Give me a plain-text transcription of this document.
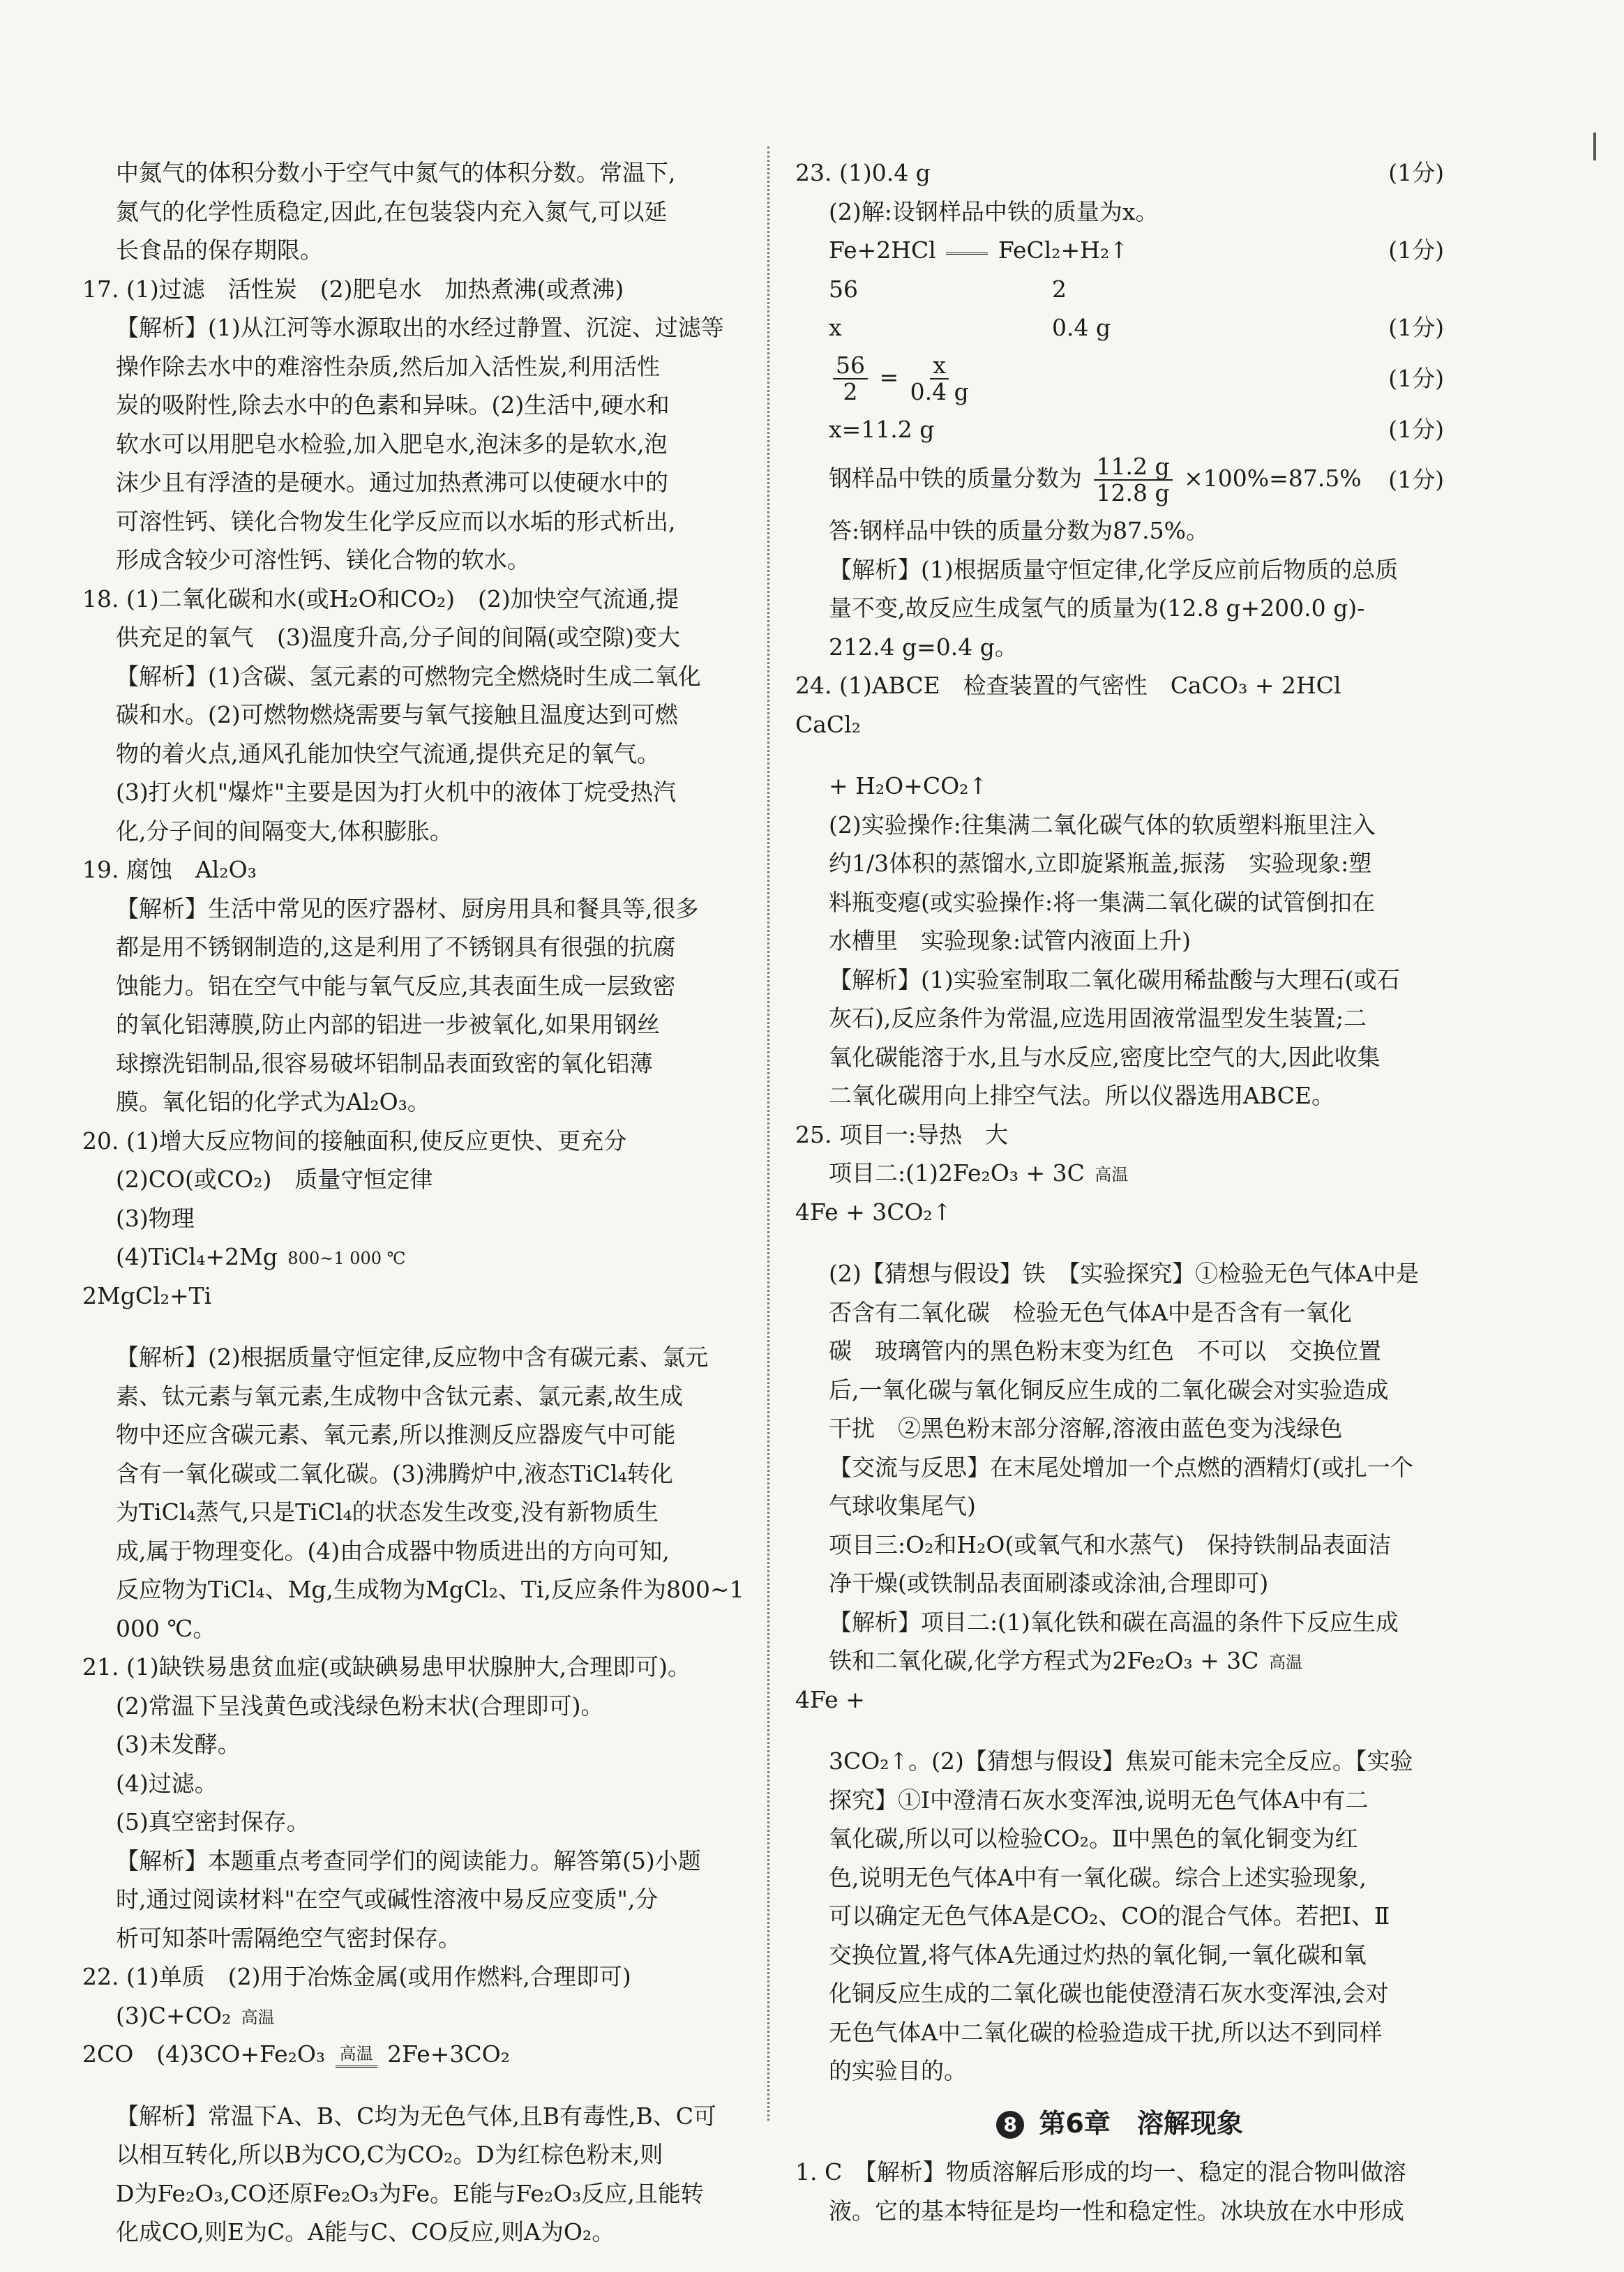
中氮气的体积分数小于空气中氮气的体积分数。常温下,

氮气的化学性质稳定,因此,在包装袋内充入氮气,可以延

长食品的保存期限。

17. (1)过滤　活性炭　(2)肥皂水　加热煮沸(或煮沸)

【解析】(1)从江河等水源取出的水经过静置、沉淀、过滤等

操作除去水中的难溶性杂质,然后加入活性炭,利用活性

炭的吸附性,除去水中的色素和异味。(2)生活中,硬水和

软水可以用肥皂水检验,加入肥皂水,泡沫多的是软水,泡

沫少且有浮渣的是硬水。通过加热煮沸可以使硬水中的

可溶性钙、镁化合物发生化学反应而以水垢的形式析出,

形成含较少可溶性钙、镁化合物的软水。

18. (1)二氧化碳和水(或H₂O和CO₂)　(2)加快空气流通,提

供充足的氧气　(3)温度升高,分子间的间隔(或空隙)变大

【解析】(1)含碳、氢元素的可燃物完全燃烧时生成二氧化

碳和水。(2)可燃物燃烧需要与氧气接触且温度达到可燃

物的着火点,通风孔能加快空气流通,提供充足的氧气。

(3)打火机"爆炸"主要是因为打火机中的液体丁烷受热汽

化,分子间的间隔变大,体积膨胀。

19. 腐蚀　Al₂O₃

【解析】生活中常见的医疗器材、厨房用具和餐具等,很多

都是用不锈钢制造的,这是利用了不锈钢具有很强的抗腐

蚀能力。铝在空气中能与氧气反应,其表面生成一层致密

的氧化铝薄膜,防止内部的铝进一步被氧化,如果用钢丝

球擦洗铝制品,很容易破坏铝制品表面致密的氧化铝薄

膜。氧化铝的化学式为Al₂O₃。

20. (1)增大反应物间的接触面积,使反应更快、更充分

(2)CO(或CO₂)　质量守恒定律

(3)物理

(4)TiCl₄+2Mg 800~1 000 ℃

2MgCl₂+Ti

【解析】(2)根据质量守恒定律,反应物中含有碳元素、氯元

素、钛元素与氧元素,生成物中含钛元素、氯元素,故生成

物中还应含碳元素、氧元素,所以推测反应器废气中可能

含有一氧化碳或二氧化碳。(3)沸腾炉中,液态TiCl₄转化

为TiCl₄蒸气,只是TiCl₄的状态发生改变,没有新物质生

成,属于物理变化。(4)由合成器中物质进出的方向可知,

反应物为TiCl₄、Mg,生成物为MgCl₂、Ti,反应条件为800~1

000 ℃。

21. (1)缺铁易患贫血症(或缺碘易患甲状腺肿大,合理即可)。

(2)常温下呈浅黄色或浅绿色粉末状(合理即可)。

(3)未发酵。

(4)过滤。

(5)真空密封保存。

【解析】本题重点考查同学们的阅读能力。解答第(5)小题

时,通过阅读材料"在空气或碱性溶液中易反应变质",分

析可知茶叶需隔绝空气密封保存。

22. (1)单质　(2)用于冶炼金属(或用作燃料,合理即可)

(3)C+CO₂ 高温

2CO　(4)3CO+Fe₂O₃ 高温 2Fe+3CO₂

【解析】常温下A、B、C均为无色气体,且B有毒性,B、C可

以相互转化,所以B为CO,C为CO₂。D为红棕色粉末,则

D为Fe₂O₃,CO还原Fe₂O₃为Fe。E能与Fe₂O₃反应,且能转

化成CO,则E为C。A能与C、CO反应,则A为O₂。

23. (1)0.4 g	(1分)

(2)解:设钢样品中铁的质量为x。

Fe+2HCl	FeCl₂+H₂↑	(1分)
56	2
x	0.4 g	(1分)
$\frac{56}{2} = \frac{x}{0.4 g}$	(1分)
x=11.2 g	(1分)
钢样品中铁的质量分数为 $\frac{11.2 g}{12.8 g} \times 100\%=87.5\%$ (1分)

答:钢样品中铁的质量分数为87.5%。

【解析】(1)根据质量守恒定律,化学反应前后物质的总质

量不变,故反应生成氢气的质量为(12.8 g+200.0 g)-

212.4 g=0.4 g。

24. (1)ABCE　检查装置的气密性　CaCO₃ + 2HCl

CaCl₂

+ H₂O+CO₂↑

(2)实验操作:往集满二氧化碳气体的软质塑料瓶里注入

约1/3体积的蒸馏水,立即旋紧瓶盖,振荡　实验现象:塑

料瓶变瘪(或实验操作:将一集满二氧化碳的试管倒扣在

水槽里　实验现象:试管内液面上升)

【解析】(1)实验室制取二氧化碳用稀盐酸与大理石(或石

灰石),反应条件为常温,应选用固液常温型发生装置;二

氧化碳能溶于水,且与水反应,密度比空气的大,因此收集

二氧化碳用向上排空气法。所以仪器选用ABCE。

25. 项目一:导热　大

项目二:(1)2Fe₂O₃ + 3C 高温

4Fe + 3CO₂↑

(2)【猜想与假设】铁　【实验探究】①检验无色气体A中是

否含有二氧化碳　检验无色气体A中是否含有一氧化

碳　玻璃管内的黑色粉末变为红色　不可以　交换位置

后,一氧化碳与氧化铜反应生成的二氧化碳会对实验造成

干扰　②黑色粉末部分溶解,溶液由蓝色变为浅绿色

【交流与反思】在末尾处增加一个点燃的酒精灯(或扎一个

气球收集尾气)

项目三:O₂和H₂O(或氧气和水蒸气)　保持铁制品表面洁

净干燥(或铁制品表面刷漆或涂油,合理即可)

【解析】项目二:(1)氧化铁和碳在高温的条件下反应生成

铁和二氧化碳,化学方程式为2Fe₂O₃ + 3C 高温

4Fe +

3CO₂↑。(2)【猜想与假设】焦炭可能未完全反应。【实验

探究】①Ⅰ中澄清石灰水变浑浊,说明无色气体A中有二

氧化碳,所以可以检验CO₂。Ⅱ中黑色的氧化铜变为红

色,说明无色气体A中有一氧化碳。综合上述实验现象,

可以确定无色气体A是CO₂、CO的混合气体。若把Ⅰ、Ⅱ

交换位置,将气体A先通过灼热的氧化铜,一氧化碳和氧

化铜反应生成的二氧化碳也能使澄清石灰水变浑浊,会对

无色气体A中二氧化碳的检验造成干扰,所以达不到同样

的实验目的。

8 第6章　溶解现象

1. C　【解析】物质溶解后形成的均一、稳定的混合物叫做溶

液。它的基本特征是均一性和稳定性。冰块放在水中形成
